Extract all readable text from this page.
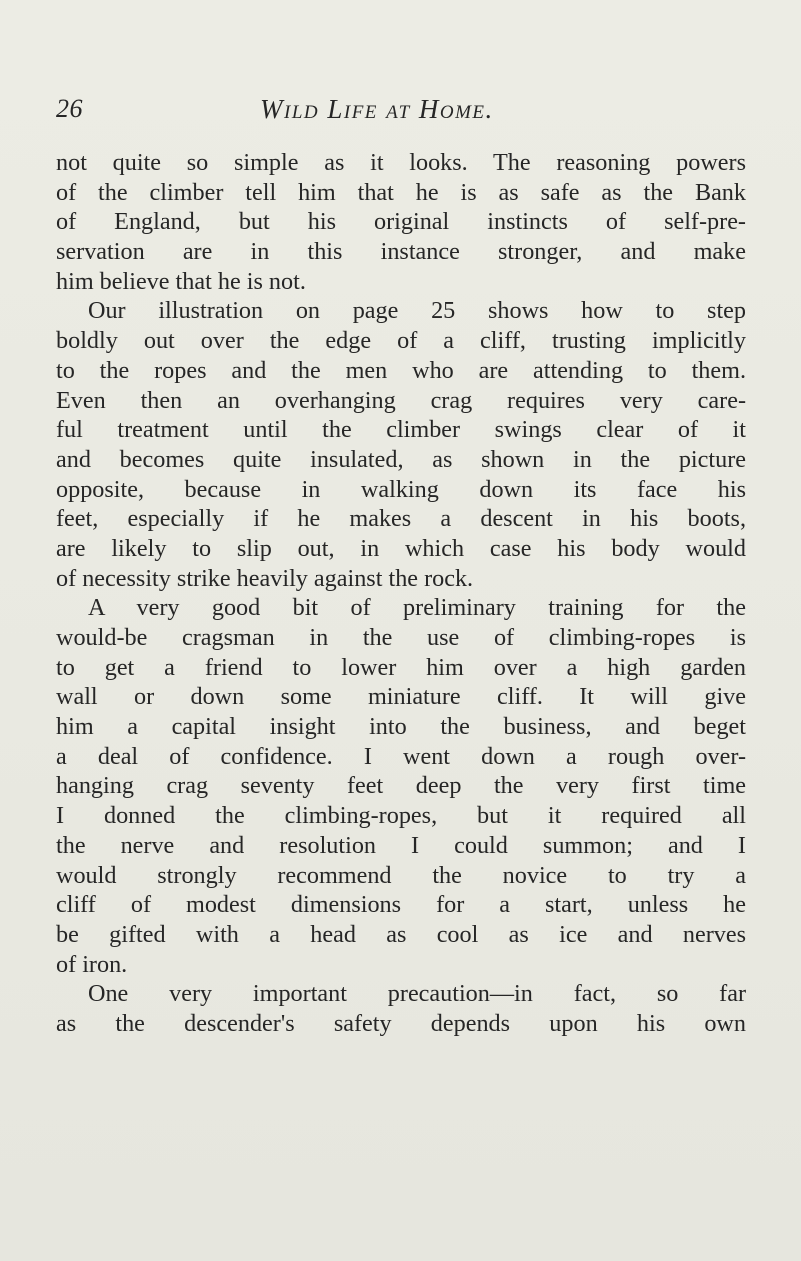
26	Wild Life at Home.
not quite so simple as it looks. The reasoning powers
of the climber tell him that he is as safe as the Bank
of England, but his original instincts of self-pre-
servation are in this instance stronger, and make
him believe that he is not.
Our illustration on page 25 shows how to step
boldly out over the edge of a cliff, trusting implicitly
to the ropes and the men who are attending to them.
Even then an overhanging crag requires very care-
ful treatment until the climber swings clear of it
and becomes quite insulated, as shown in the picture
opposite, because in walking down its face his
feet, especially if he makes a descent in his boots,
are likely to slip out, in which case his body would
of necessity strike heavily against the rock.
A very good bit of preliminary training for the
would-be cragsman in the use of climbing-ropes is
to get a friend to lower him over a high garden
wall or down some miniature cliff. It will give
him a capital insight into the business, and beget
a deal of confidence. I went down a rough over-
hanging crag seventy feet deep the very first time
I donned the climbing-ropes, but it required all
the nerve and resolution I could summon; and I
would strongly recommend the novice to try a
cliff of modest dimensions for a start, unless he
be gifted with a head as cool as ice and nerves
of iron.
One very important precaution—in fact, so far
as the descender's safety depends upon his own
